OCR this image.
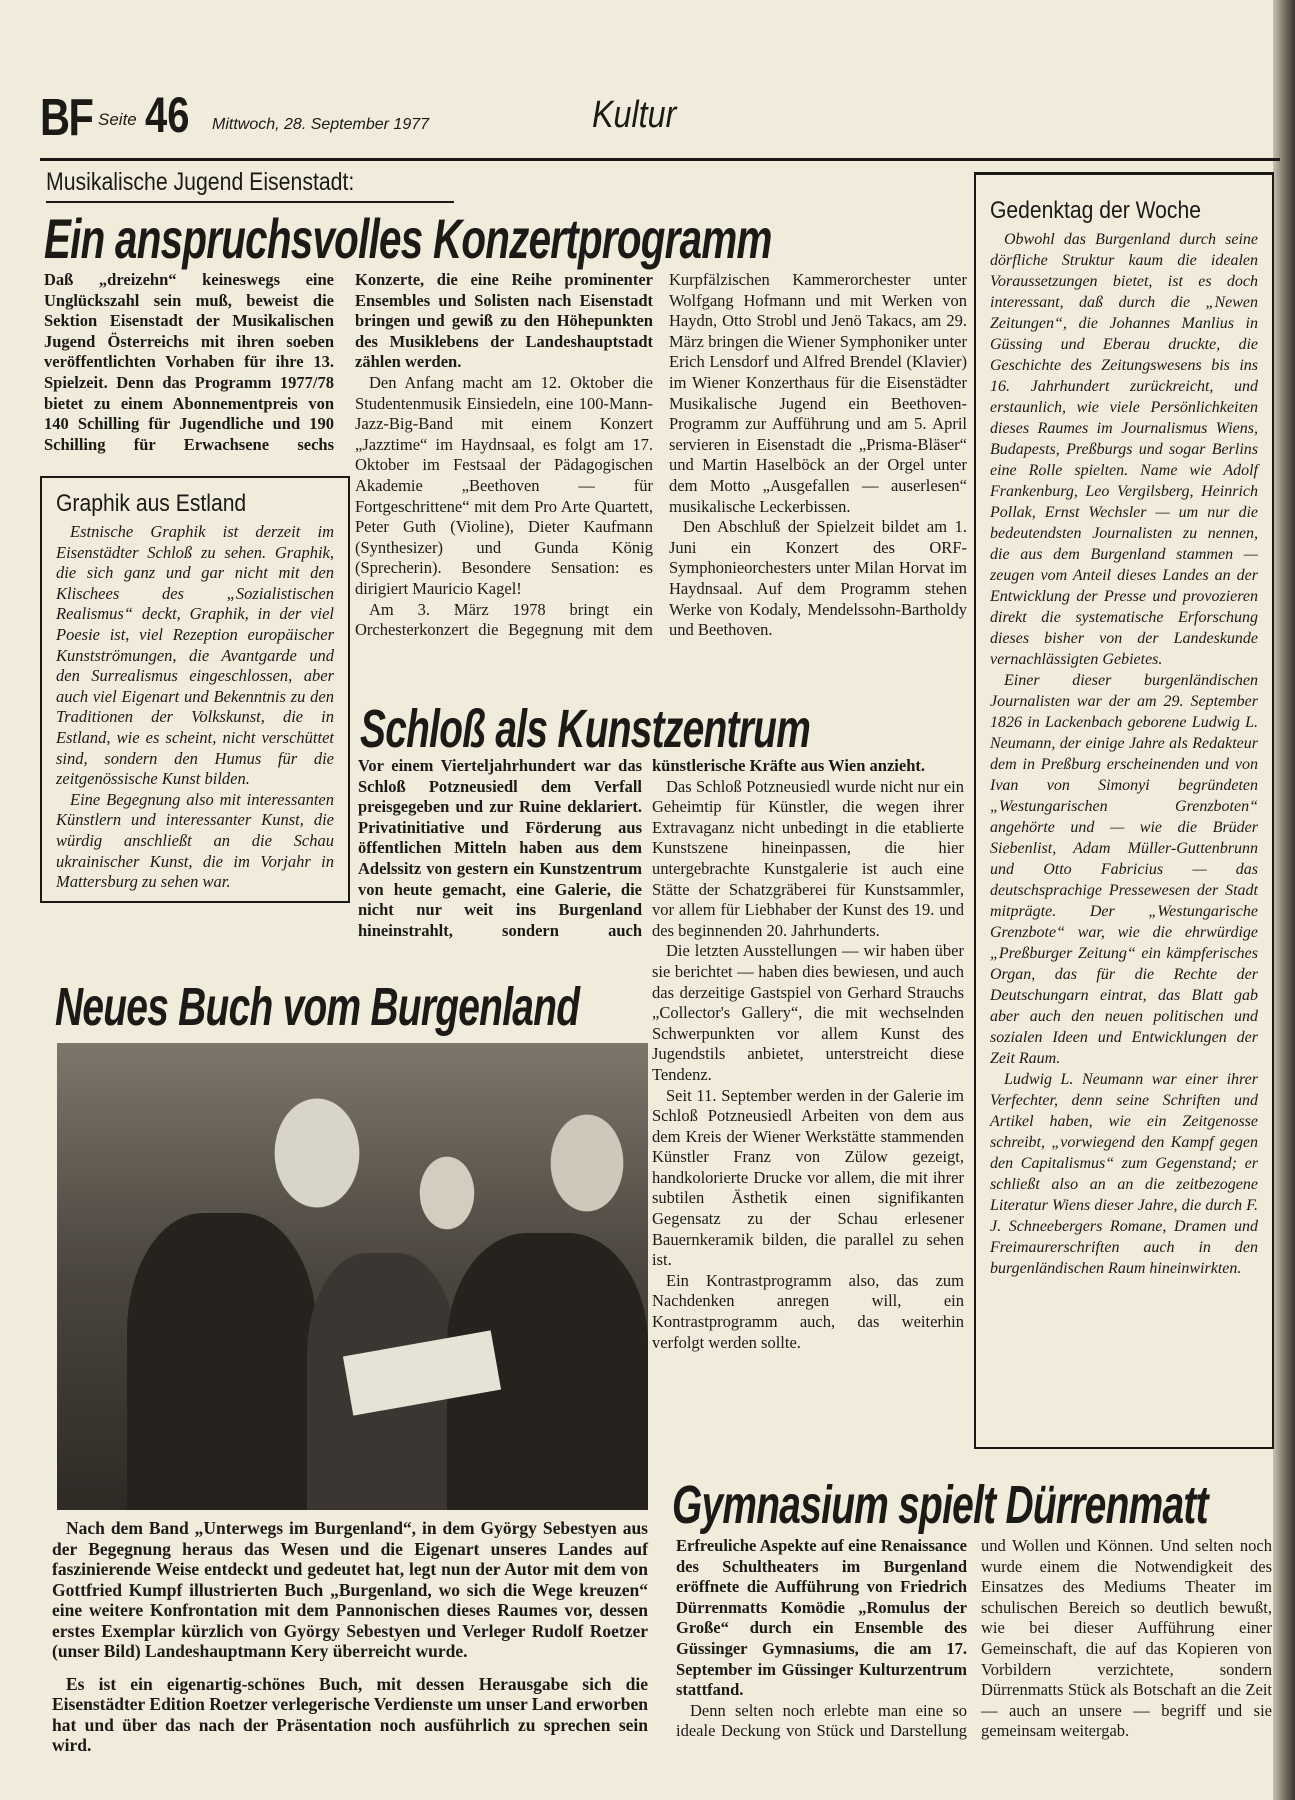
BF Seite 46 Mittwoch, 28. September 1977	Kultur
Musikalische Jugend Eisenstadt:
Ein anspruchsvolles Konzertprogramm

Daß „dreizehn“ keineswegs eine Unglückszahl sein muß, beweist die Sektion Eisenstadt der Musikalischen Jugend Österreichs mit ihren soeben veröffentlichten Vorhaben für ihre 13. Spielzeit. Denn das Programm 1977/78 bietet zu einem Abonnementpreis von 140 Schilling für Jugendliche und 190 Schilling für Erwachsene sechs

Konzerte, die eine Reihe prominenter Ensembles und Solisten nach Eisenstadt bringen und gewiß zu den Höhepunkten des Musiklebens der Landeshauptstadt zählen werden.

Den Anfang macht am 12. Oktober die Studentenmusik Einsiedeln, eine 100-Mann-Jazz-Big-Band mit einem Konzert „Jazztime“ im Haydnsaal, es folgt am 17. Oktober im Festsaal der Pädagogischen Akademie „Beethoven — für Fortgeschrittene“ mit dem Pro Arte Quartett, Peter Guth (Violine), Dieter Kaufmann (Synthesizer) und Gunda König (Sprecherin). Besondere Sensation: es dirigiert Mauricio Kagel!

Am 3. März 1978 bringt ein Orchesterkonzert die Begegnung mit dem Kurpfälzischen Kammerorchester unter Wolfgang Hofmann und mit Werken von Haydn, Otto Strobl und Jenö Takacs, am 29. März bringen die Wiener Symphoniker unter Erich Lensdorf und Alfred Brendel (Klavier) im Wiener Konzerthaus für die Eisenstädter Musikalische Jugend ein Beethoven-Programm zur Aufführung und am 5. April servieren in Eisenstadt die „Prisma-Bläser“ und Martin Haselböck an der Orgel unter dem Motto „Ausgefallen — auserlesen“ musikalische Leckerbissen.

Den Abschluß der Spielzeit bildet am 1. Juni ein Konzert des ORF-Symphonieorchesters unter Milan Horvat im Haydnsaal. Auf dem Programm stehen Werke von Kodaly, Mendelssohn-Bartholdy und Beethoven.

Graphik aus Estland

Estnische Graphik ist derzeit im Eisenstädter Schloß zu sehen. Graphik, die sich ganz und gar nicht mit den Klischees des „Sozialistischen Realismus“ deckt, Graphik, in der viel Poesie ist, viel Rezeption europäischer Kunstströmungen, die Avantgarde und den Surrealismus eingeschlossen, aber auch viel Eigenart und Bekenntnis zu den Traditionen der Volkskunst, die in Estland, wie es scheint, nicht verschüttet sind, sondern den Humus für die zeitgenössische Kunst bilden.

Eine Begegnung also mit interessanten Künstlern und interessanter Kunst, die würdig anschließt an die Schau ukrainischer Kunst, die im Vorjahr in Mattersburg zu sehen war.

Schloß als Kunstzentrum

Vor einem Vierteljahrhundert war das Schloß Potzneusiedl dem Verfall preisgegeben und zur Ruine deklariert. Privatinitiative und Förderung aus öffentlichen Mitteln haben aus dem Adelssitz von gestern ein Kunstzentrum von heute gemacht, eine Galerie, die nicht nur weit ins Burgenland hineinstrahlt, sondern auch

künstlerische Kräfte aus Wien anzieht.

Das Schloß Potzneusiedl wurde nicht nur ein Geheimtip für Künstler, die wegen ihrer Extravaganz nicht unbedingt in die etablierte Kunstszene hineinpassen, die hier untergebrachte Kunstgalerie ist auch eine Stätte der Schatzgräberei für Kunstsammler, vor allem für Liebhaber der Kunst des 19. und des beginnenden 20. Jahrhunderts.

Die letzten Ausstellungen — wir haben über sie berichtet — haben dies bewiesen, und auch das derzeitige Gastspiel von Gerhard Strauchs „Collector's Gallery“, die mit wechselnden Schwerpunkten vor allem Kunst des Jugendstils anbietet, unterstreicht diese Tendenz.

Seit 11. September werden in der Galerie im Schloß Potzneusiedl Arbeiten von dem aus dem Kreis der Wiener Werkstätte stammenden Künstler Franz von Zülow gezeigt, handkolorierte Drucke vor allem, die mit ihrer subtilen Ästhetik einen signifikanten Gegensatz zu der Schau erlesener Bauernkeramik bilden, die parallel zu sehen ist.

Ein Kontrastprogramm also, das zum Nachdenken anregen will, ein Kontrastprogramm auch, das weiterhin verfolgt werden sollte.

Neues Buch vom Burgenland

Nach dem Band „Unterwegs im Burgenland“, in dem György Sebestyen aus der Begegnung heraus das Wesen und die Eigenart unseres Landes auf faszinierende Weise entdeckt und gedeutet hat, legt nun der Autor mit dem von Gottfried Kumpf illustrierten Buch „Burgenland, wo sich die Wege kreuzen“ eine weitere Konfrontation mit dem Pannonischen dieses Raumes vor, dessen erstes Exemplar kürzlich von György Sebestyen und Verleger Rudolf Roetzer (unser Bild) Landeshauptmann Kery überreicht wurde.

Es ist ein eigenartig-schönes Buch, mit dessen Herausgabe sich die Eisenstädter Edition Roetzer verlegerische Verdienste um unser Land erworben hat und über das nach der Präsentation noch ausführlich zu sprechen sein wird.

Gymnasium spielt Dürrenmatt

Erfreuliche Aspekte auf eine Renaissance des Schultheaters im Burgenland eröffnete die Aufführung von Friedrich Dürrenmatts Komödie „Romulus der Große“ durch ein Ensemble des Güssinger Gymnasiums, die am 17. September im Güssinger Kulturzentrum stattfand.

Denn selten noch erlebte man eine so ideale Deckung von Stück und Darstellung und Wollen und Können. Und selten noch wurde einem die Notwendigkeit des Einsatzes des Mediums Theater im schulischen Bereich so deutlich bewußt, wie bei dieser Aufführung einer Gemeinschaft, die auf das Kopieren von Vorbildern verzichtete, sondern Dürrenmatts Stück als Botschaft an die Zeit — auch an unsere — begriff und sie gemeinsam weitergab.

Gedenktag der Woche

Obwohl das Burgenland durch seine dörfliche Struktur kaum die idealen Voraussetzungen bietet, ist es doch interessant, daß durch die „Newen Zeitungen“, die Johannes Manlius in Güssing und Eberau druckte, die Geschichte des Zeitungswesens bis ins 16. Jahrhundert zurückreicht, und erstaunlich, wie viele Persönlichkeiten dieses Raumes im Journalismus Wiens, Budapests, Preßburgs und sogar Berlins eine Rolle spielten. Name wie Adolf Frankenburg, Leo Vergilsberg, Heinrich Pollak, Ernst Wechsler — um nur die bedeutendsten Journalisten zu nennen, die aus dem Burgenland stammen — zeugen vom Anteil dieses Landes an der Entwicklung der Presse und provozieren direkt die systematische Erforschung dieses bisher von der Landeskunde vernachlässigten Gebietes.

Einer dieser burgenländischen Journalisten war der am 29. September 1826 in Lackenbach geborene Ludwig L. Neumann, der einige Jahre als Redakteur dem in Preßburg erscheinenden und von Ivan von Simonyi begründeten „Westungarischen Grenzboten“ angehörte und — wie die Brüder Siebenlist, Adam Müller-Guttenbrunn und Otto Fabricius — das deutschsprachige Pressewesen der Stadt mitprägte. Der „Westungarische Grenzbote“ war, wie die ehrwürdige „Preßburger Zeitung“ ein kämpferisches Organ, das für die Rechte der Deutschungarn eintrat, das Blatt gab aber auch den neuen politischen und sozialen Ideen und Entwicklungen der Zeit Raum.

Ludwig L. Neumann war einer ihrer Verfechter, denn seine Schriften und Artikel haben, wie ein Zeitgenosse schreibt, „vorwiegend den Kampf gegen den Capitalismus“ zum Gegenstand; er schließt also an an die zeitbezogene Literatur Wiens dieser Jahre, die durch F. J. Schneebergers Romane, Dramen und Freimaurerschriften auch in den burgenländischen Raum hineinwirkten.
